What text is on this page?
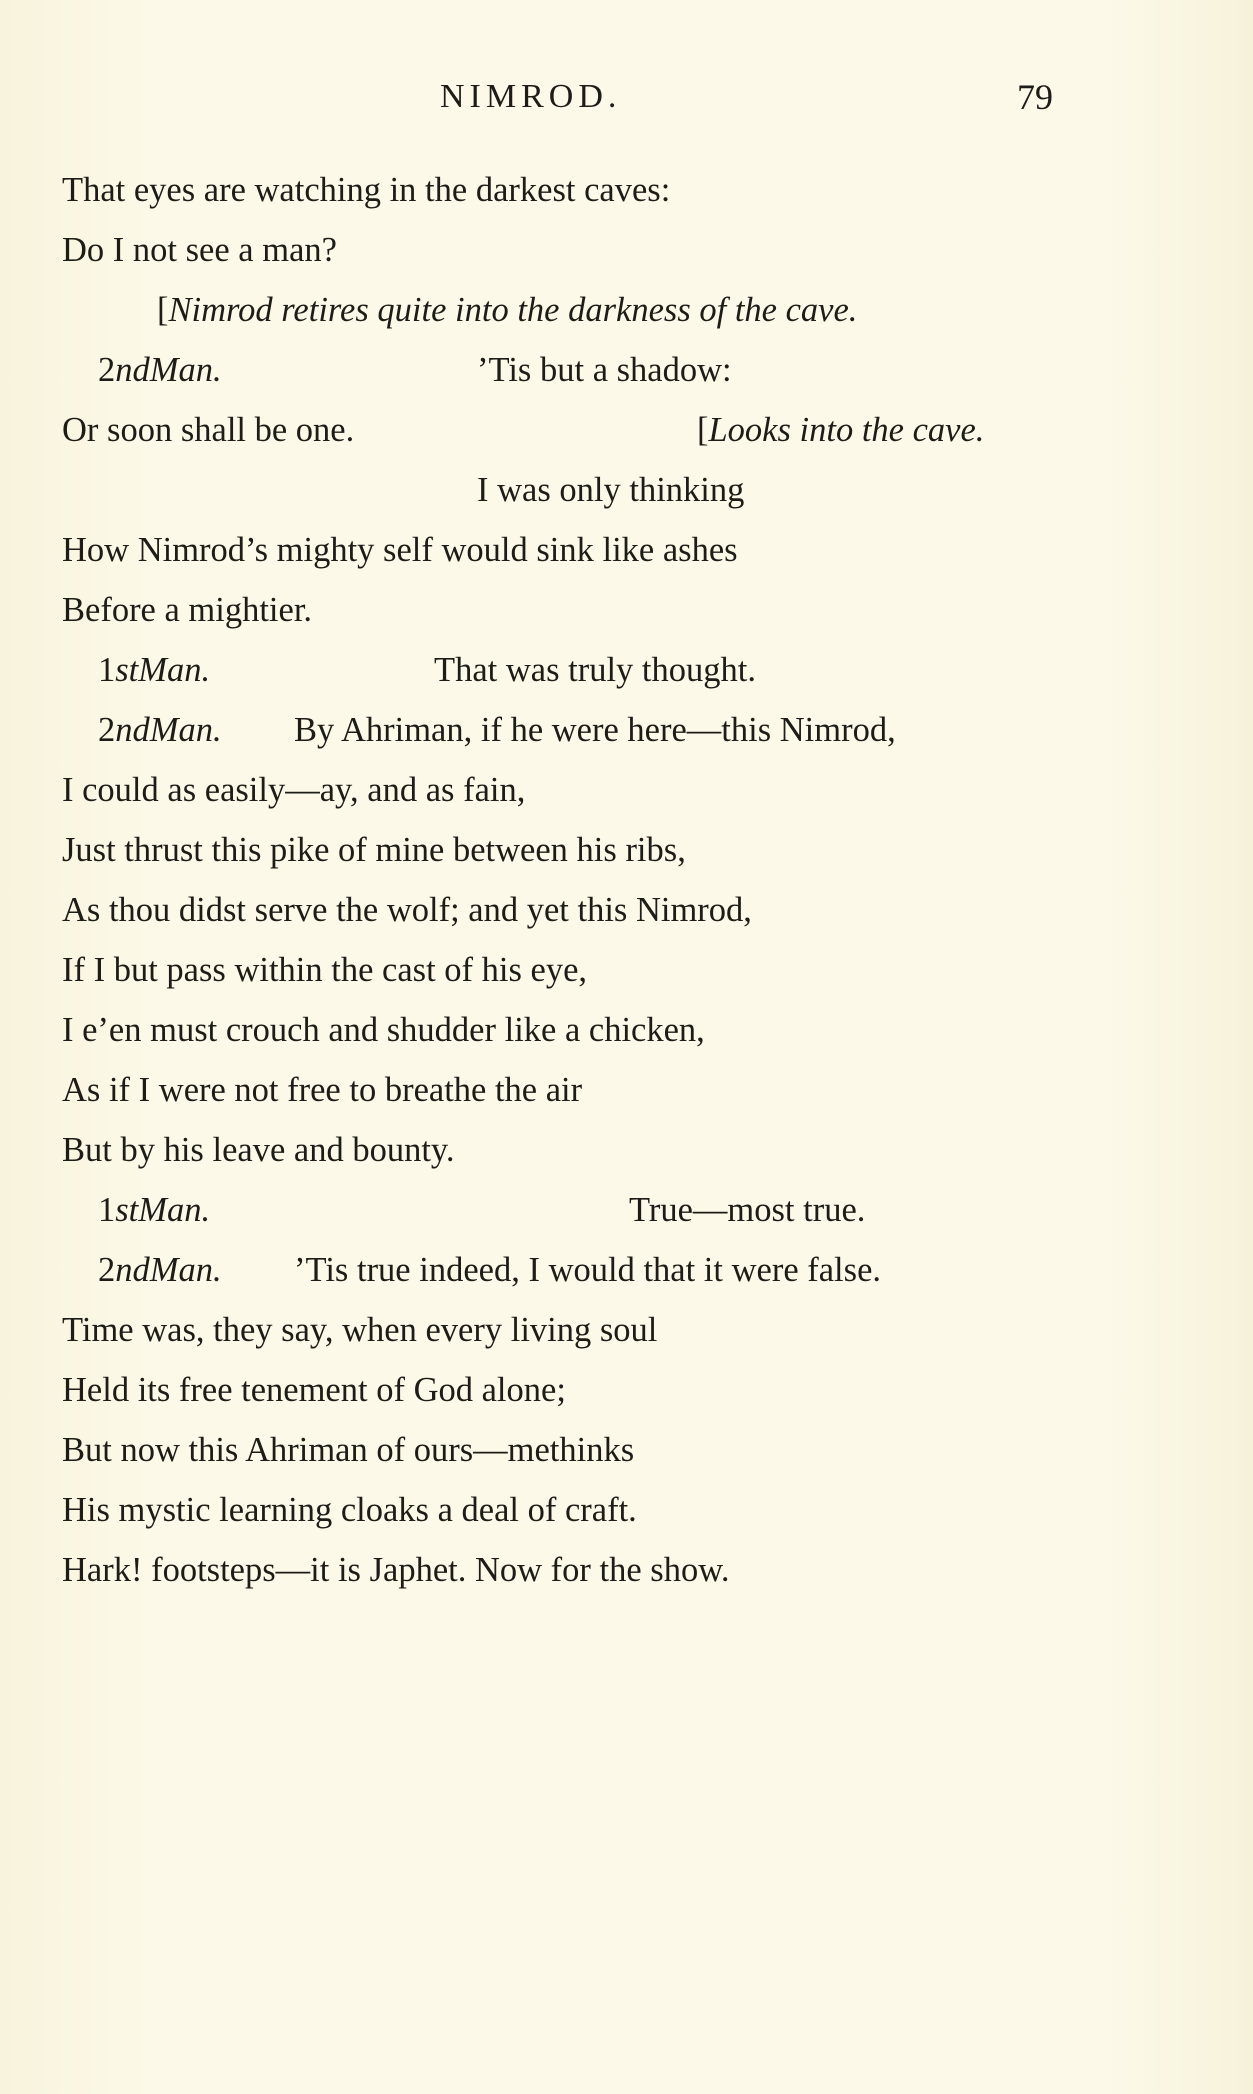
NIMROD.	79
That eyes are watching in the darkest caves:
Do I not see a man?
[Nimrod retires quite into the darkness of the cave.
2ndMan.	’Tis but a shadow:
Or soon shall be one.	[Looks into the cave.
I was only thinking
How Nimrod’s mighty self would sink like ashes
Before a mightier.
1stMan.	That was truly thought.
2ndMan. By Ahriman, if he were here—this Nimrod,
I could as easily—ay, and as fain,
Just thrust this pike of mine between his ribs,
As thou didst serve the wolf; and yet this Nimrod,
If I but pass within the cast of his eye,
I e’en must crouch and shudder like a chicken,
As if I were not free to breathe the air
But by his leave and bounty.
1stMan.	True—most true.
2ndMan. ’Tis true indeed, I would that it were false.
Time was, they say, when every living soul
Held its free tenement of God alone;
But now this Ahriman of ours—methinks
His mystic learning cloaks a deal of craft.
Hark! footsteps—it is Japhet. Now for the show.
